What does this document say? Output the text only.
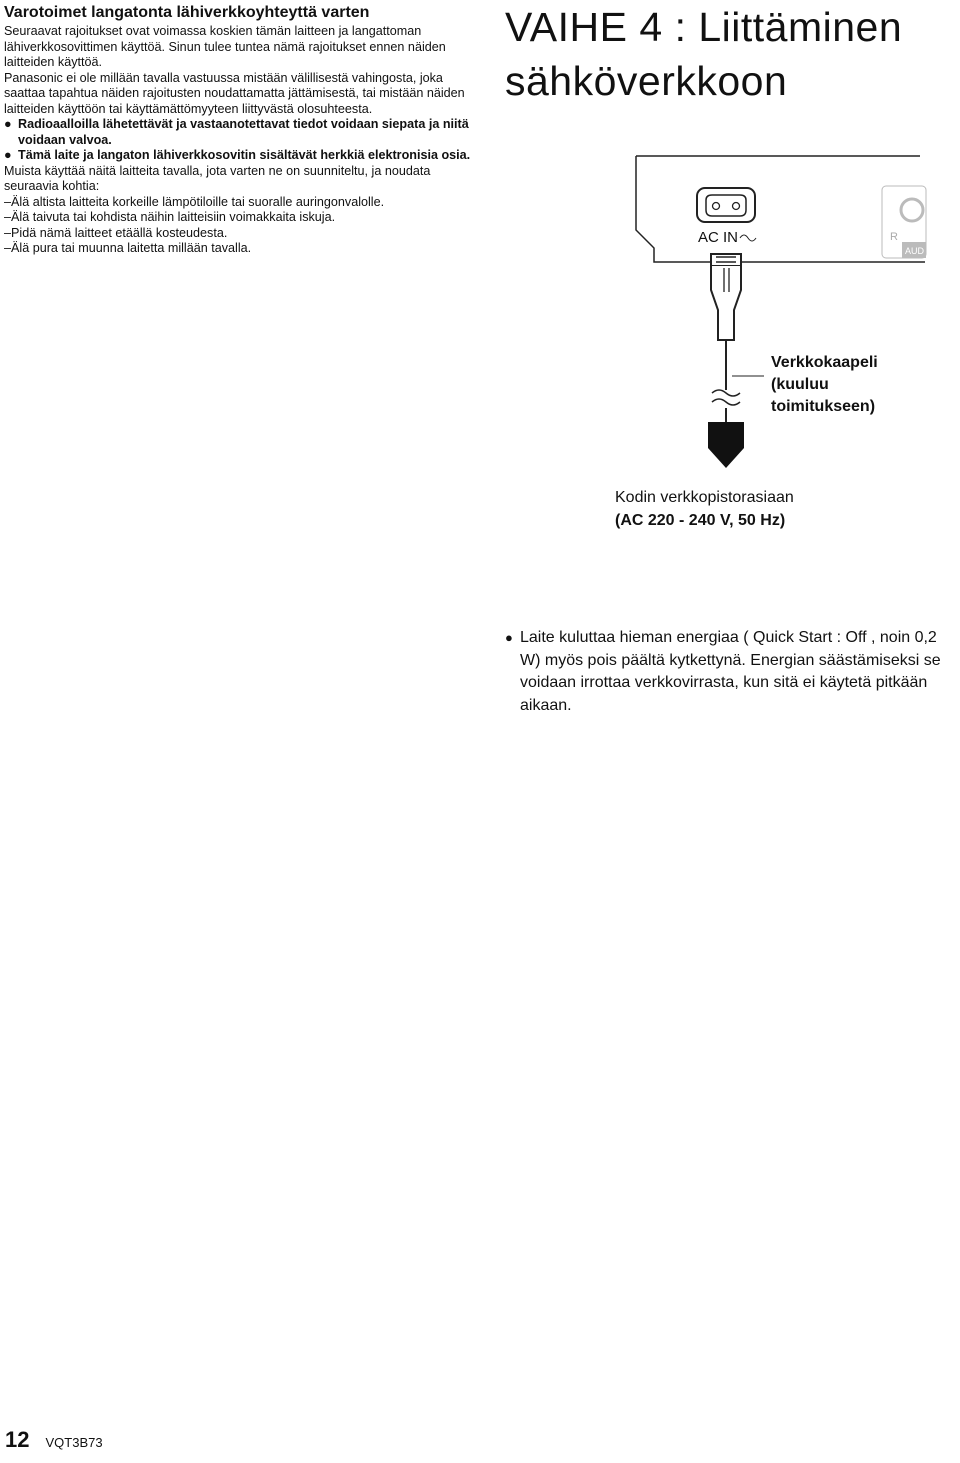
Varotoimet langatonta lähiverkkoyhteyttä varten

Seuraavat rajoitukset ovat voimassa koskien tämän laitteen ja langattoman lähiverkkosovittimen käyttöä. Sinun tulee tuntea nämä rajoitukset ennen näiden laitteiden käyttöä.

Panasonic ei ole millään tavalla vastuussa mistään välillisestä vahingosta, joka saattaa tapahtua näiden rajoitusten noudattamatta jättämisestä, tai mistään näiden laitteiden käyttöön tai käyttämättömyyteen liittyvästä olosuhteesta.

● Radioaalloilla lähetettävät ja vastaanotettavat tiedot voidaan siepata ja niitä voidaan valvoa.
● Tämä laite ja langaton lähiverkkosovitin sisältävät herkkiä elektronisia osia.

Muista käyttää näitä laitteita tavalla, jota varten ne on suunniteltu, ja noudata seuraavia kohtia:

–Älä altista laitteita korkeille lämpötiloille tai suoralle auringonvalolle.
–Älä taivuta tai kohdista näihin laitteisiin voimakkaita iskuja.
–Pidä nämä laitteet etäällä kosteudesta.
–Älä pura tai muunna laitetta millään tavalla.
VAIHE 4 : Liittäminen
sähköverkkoon
AC IN	R
AUD
Verkkokaapeli
(kuuluu
toimitukseen)
Kodin verkkopistorasiaan
(AC 220 - 240 V, 50 Hz)
● Laite kuluttaa hieman energiaa ( Quick Start : Off , noin 0,2 W) myös pois päältä kytkettynä. Energian säästämiseksi se voidaan irrottaa verkkovirrasta, kun sitä ei käytetä pitkään aikaan.
12 VQT3B73
